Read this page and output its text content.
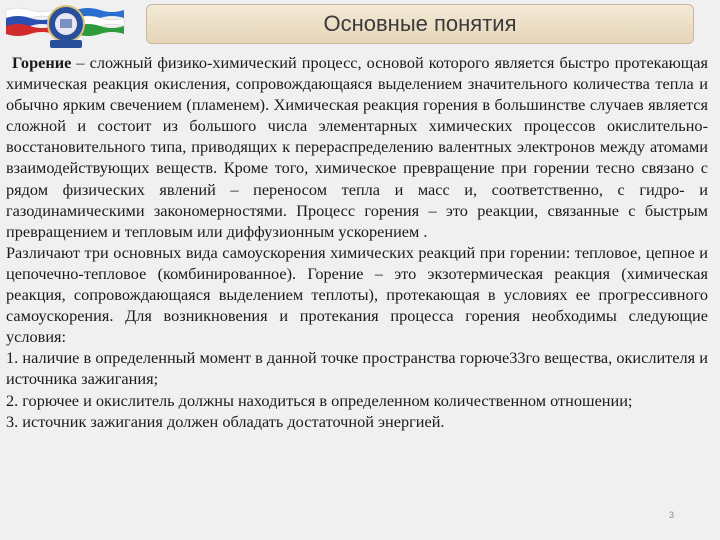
Основные понятия

Горение – сложный физико-химический процесс, основой которого является быстро протекающая химическая реакция окисления, сопровождающаяся выделением значительного количества тепла и обычно ярким свечением (пламенем). Химическая реакция горения в большинстве случаев является сложной и состоит из большого числа элементарных химических процессов окислительно-восстановительного типа, приводящих к перераспределению валентных электронов между атомами взаимодействующих веществ. Кроме того, химическое превращение при горении тесно связано с рядом физических явлений – переносом тепла и масс и, соответственно, с гидро- и газодинамическими закономерностями. Процесс горения – это реакции, связанные с быстрым превращением и тепловым или диффузионным ускорением .

Различают три основных вида самоускорения химических реакций при горении: тепловое, цепное и цепочечно-тепловое (комбинированное). Горение – это экзотермическая реакция (химическая реакция, сопровождающаяся выделением теплоты), протекающая в условиях ее прогрессивного самоускорения. Для возникновения и протекания процесса горения необходимы следующие условия:

1. наличие в определенный момент в данной точке пространства горюче33го вещества, окислителя и источника зажигания;

2. горючее и окислитель должны находиться в определенном количественном отношении;

3. источник зажигания должен обладать достаточной энергией.

3
